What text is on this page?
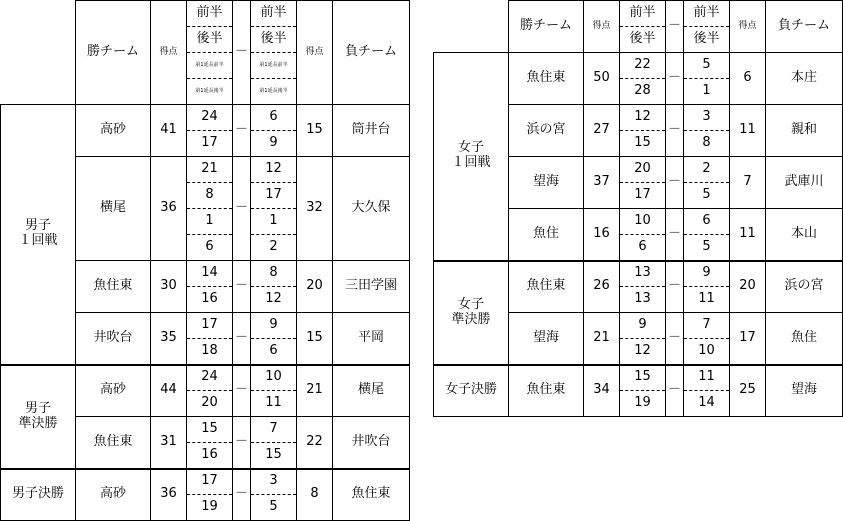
	勝チーム	得点	前半	－	前半	得点	負チーム
			後半		後半		
			第1延長前半		第1延長前半		
			第1延長後半		第1延長後半		
男子
１回戦	高砂	41	24	－	6	15	筒井台
			17		9		
	横尾	36	21	－	12	32	大久保
			8		17		
			1		1		
			6		2		
	魚住東	30	14	－	8	20	三田学園
			16		12		
	井吹台	35	17	－	9	15	平岡
			18		6		
男子
準決勝	高砂	44	24	－	10	21	横尾
			20		11		
	魚住東	31	15	－	7	22	井吹台
			16		15		
男子決勝	高砂	36	17	－	3	8	魚住東
			19		5		
	勝チーム	得点	前半	－	前半	得点	負チーム
			後半		後半		
女子
１回戦	魚住東	50	22	－	5	6	本庄
			28		1		
	浜の宮	27	12	－	3	11	親和
			15		8		
	望海	37	20	－	2	7	武庫川
			17		5		
	魚住	16	10	－	6	11	本山
			6		5		
女子
準決勝	魚住東	26	13	－	9	20	浜の宮
			13		11		
	望海	21	9	－	7	17	魚住
			12		10		
女子決勝	魚住東	34	15	－	11	25	望海
			19		14		
